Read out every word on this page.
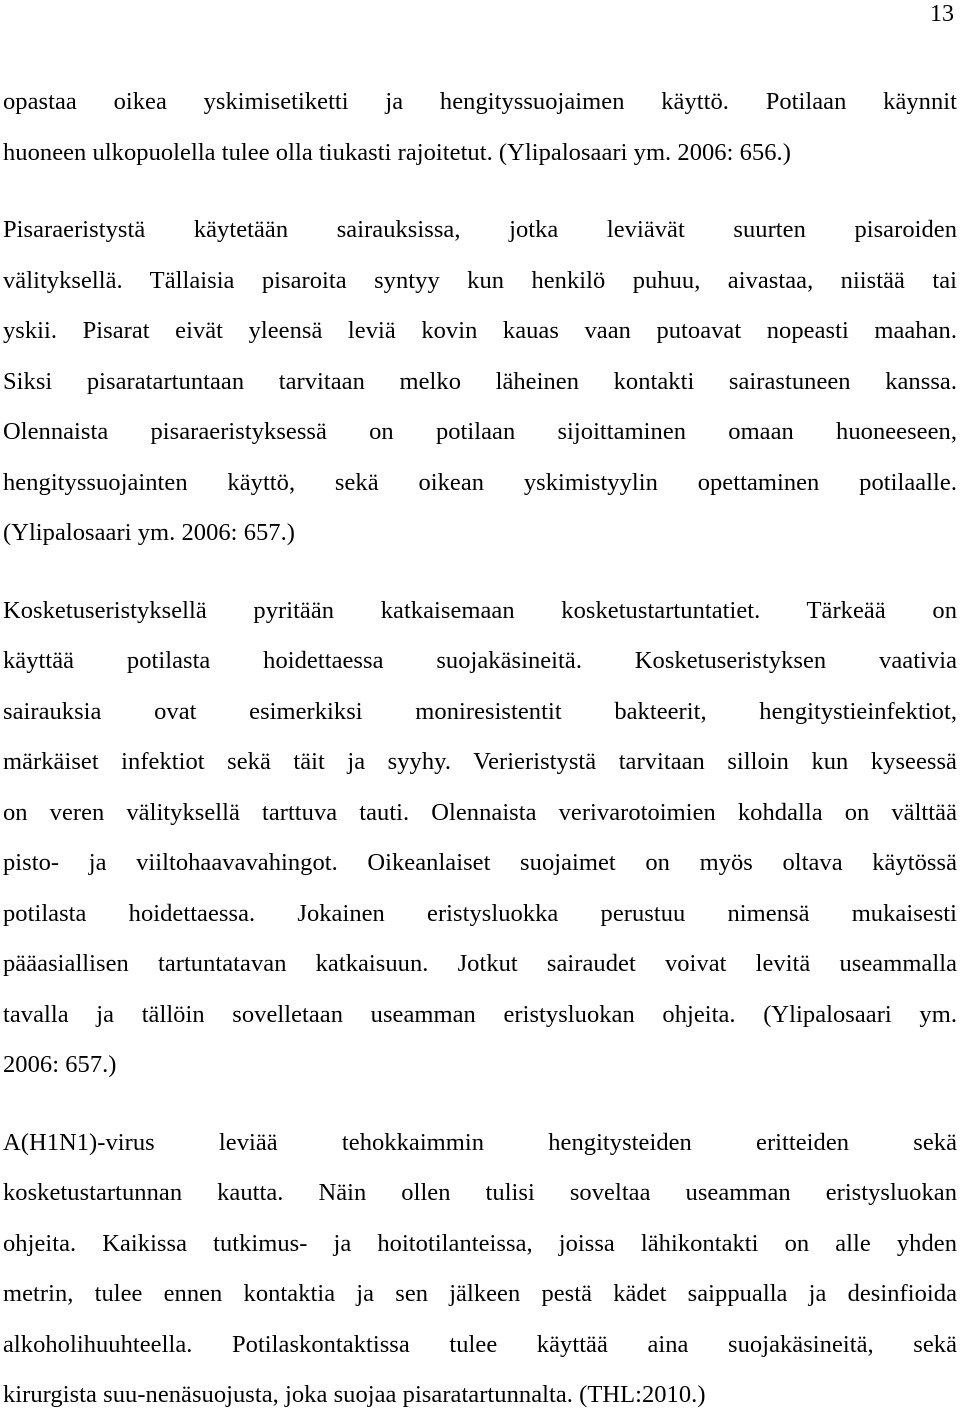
13

opastaa oikea yskimisetiketti ja hengityssuojaimen käyttö. Potilaan käynnit
huoneen ulkopuolella tulee olla tiukasti rajoitetut. (Ylipalosaari ym. 2006: 656.)

Pisaraeristystä käytetään sairauksissa, jotka leviävät suurten pisaroiden
välityksellä. Tällaisia pisaroita syntyy kun henkilö puhuu, aivastaa, niistää tai
yskii. Pisarat eivät yleensä leviä kovin kauas vaan putoavat nopeasti maahan.
Siksi pisaratartuntaan tarvitaan melko läheinen kontakti sairastuneen kanssa.
Olennaista pisaraeristyksessä on potilaan sijoittaminen omaan huoneeseen,
hengityssuojainten käyttö, sekä oikean yskimistyylin opettaminen potilaalle.
(Ylipalosaari ym. 2006: 657.)

Kosketuseristyksellä pyritään katkaisemaan kosketustartuntatiet. Tärkeää on
käyttää potilasta hoidettaessa suojakäsineitä. Kosketuseristyksen vaativia
sairauksia ovat esimerkiksi moniresistentit bakteerit, hengitystieinfektiot,
märkäiset infektiot sekä täit ja syyhy. Verieristystä tarvitaan silloin kun kyseessä
on veren välityksellä tarttuva tauti. Olennaista verivarotoimien kohdalla on välttää
pisto- ja viiltohaavavahingot. Oikeanlaiset suojaimet on myös oltava käytössä
potilasta hoidettaessa. Jokainen eristysluokka perustuu nimensä mukaisesti
pääasiallisen tartuntatavan katkaisuun. Jotkut sairaudet voivat levitä useammalla
tavalla ja tällöin sovelletaan useamman eristysluokan ohjeita. (Ylipalosaari ym.
2006: 657.)

A(H1N1)-virus leviää tehokkaimmin hengitysteiden eritteiden sekä
kosketustartunnan kautta. Näin ollen tulisi soveltaa useamman eristysluokan
ohjeita. Kaikissa tutkimus- ja hoitotilanteissa, joissa lähikontakti on alle yhden
metrin, tulee ennen kontaktia ja sen jälkeen pestä kädet saippualla ja desinfioida
alkoholihuuhteella. Potilaskontaktissa tulee käyttää aina suojakäsineitä, sekä
kirurgista suu-nenäsuojusta, joka suojaa pisaratartunnalta. (THL:2010.)
